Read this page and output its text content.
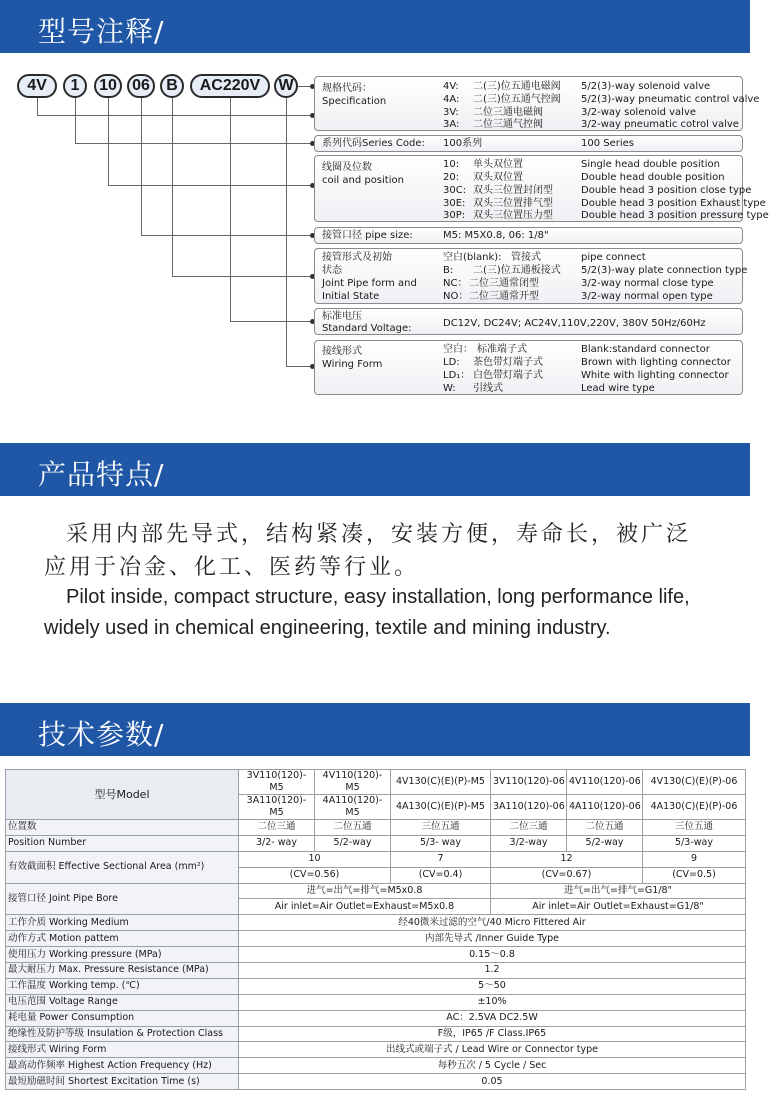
型号注释/
4V	1	10 06	B	AC220V	W	规格代码：
Specification
4V: 二(三)位五通电磁阀 5/2(3)-way solenoid valve
4A: 二(三)位五通气控阀 5/2(3)-way pneumatic control valve
3V: 二位三通电磁阀	3/2-way solenoid valve
3A: 二位三通气控阀	3/2-way pneumatic cotrol valve
系列代码Series Code: 100系列	100 Series
线圈及位数
coil and position
10: 单头双位置	Single head double position
20: 双头双位置	Double head double position
30C: 双头三位置封闭型	Double head 3 position close type
30E: 双头三位置排气型	Double head 3 position Exhaust type
30P: 双头三位置压力型	Double head 3 position pressure type
接管口径 pipe size:	M5: M5X0.8, 06: 1/8"
接管形式及初始
状态
Joint Pipe form and
Initial State
空白(blank): 管接式	pipe connect
B: 二(三)位五通板接式 5/2(3)-way plate connection type
NC： 二位三通常闭型	3/2-way normal close type
NO： 二位三通常开型	3/2-way normal open type
标准电压
Standard Voltage:	DC12V, DC24V; AC24V,110V,220V, 380V 50Hz/60Hz
接线形式
Wiring Form
空白： 标准端子式	Blank:standard connector
LD: 茶色带灯端子式	Brown with lighting connector
LD₁： 白色带灯端子式	White with lighting connector
W: 引线式	Lead wire type
产品特点/

采用内部先导式，结构紧凑，安装方便，寿命长，被广泛应用于冶金、化工、医药等行业。

Pilot inside, compact structure, easy installation, long performance life, widely used in chemical engineering, textile and mining industry.

技术参数/
型号Model	3V110(120)-M5	4V110(120)-M5	4V130(C)(E)(P)-M5	3V110(120)-06	4V110(120)-06	4V130(C)(E)(P)-06
	3A110(120)-M5	4A110(120)-M5	4A130(C)(E)(P)-M5	3A110(120)-06	4A110(120)-06	4A130(C)(E)(P)-06
位置数	二位三通	二位五通	三位五通	二位三通	二位五通	三位五通
Position Number	3/2- way	5/2-way	5/3- way	3/2-way	5/2-way	5/3-way
有效截面积 Effective Sectional Area (mm²)	10		7	12		9
	(CV=0.56)		(CV=0.4)	(CV=0.67)		(CV=0.5)
接管口径 Joint Pipe Bore	进气=出气=排气=M5x0.8			进气=出气=排气=G1/8"		
	Air inlet=Air Outlet=Exhaust=M5x0.8			Air inlet=Air Outlet=Exhaust=G1/8"		
工作介质 Working Medium	经40微米过滤的空气/40 Micro Fittered Air					
动作方式 Motion pattem	内部先导式 /Inner Guide Type					
使用压力 Working pressure (MPa)	0.15～0.8					
最大耐压力 Max. Pressure Resistance (MPa)	1.2					
工作温度 Working temp. (℃)	5～50					
电压范围 Voltage Range	±10%					
耗电量 Power Consumption	AC：2.5VA DC2.5W					
绝缘性及防护等级 Insulation & Protection Class	F级，IP65 /F Class.IP65					
接线形式 Wiring Form	出线式或端子式 / Lead Wire or Connector type					
最高动作频率 Highest Action Frequency (Hz)	每秒五次 / 5 Cycle / Sec					
最短励磁时间 Shortest Excitation Time (s)	0.05					
